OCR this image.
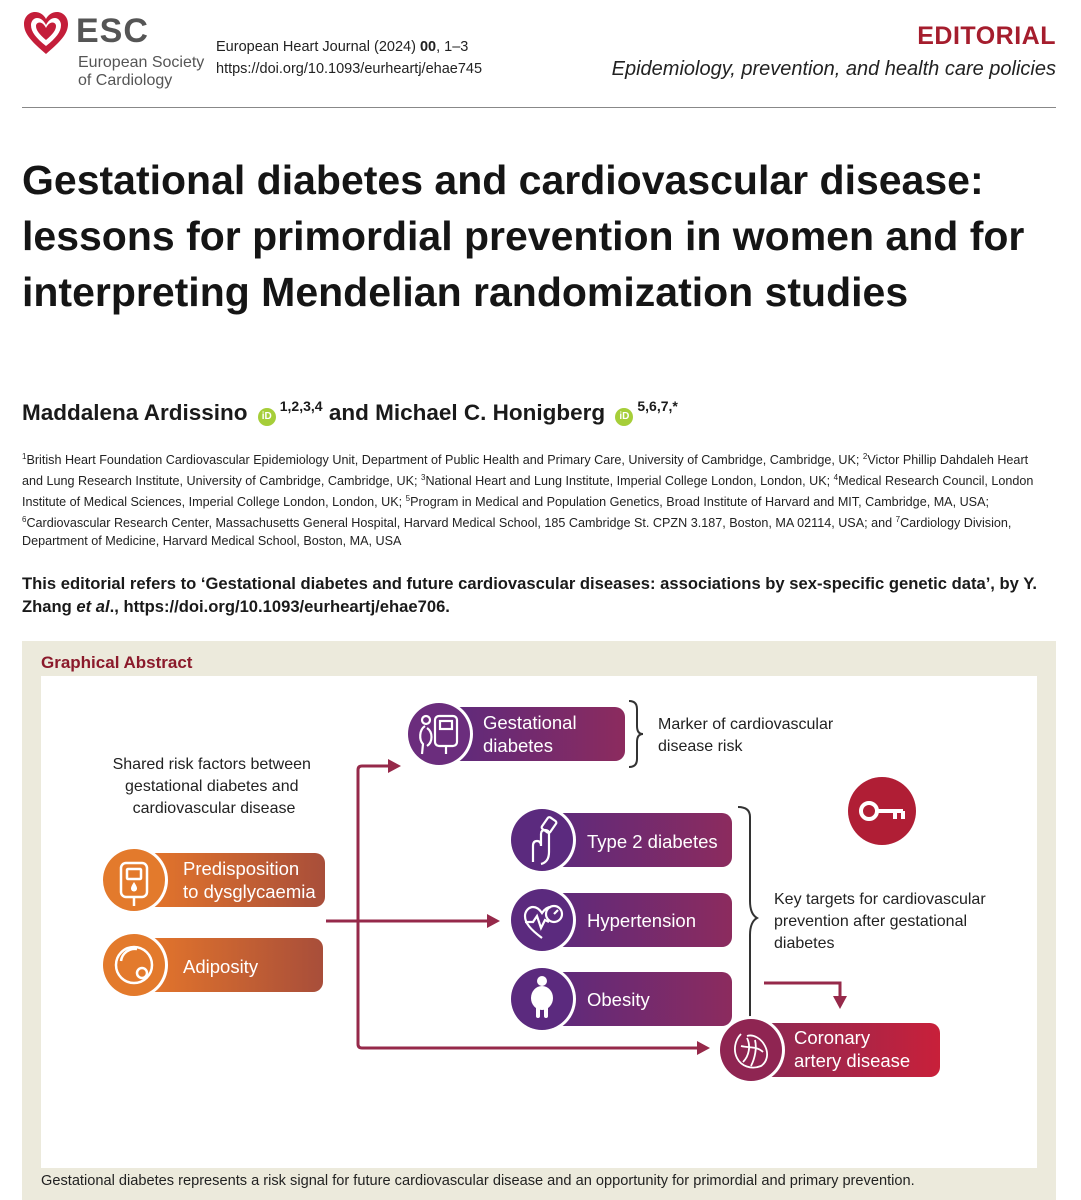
ESC
European Society
of Cardiology
European Heart Journal (2024) 00, 1–3
https://doi.org/10.1093/eurheartj/ehae745
EDITORIAL
Epidemiology, prevention, and health care policies
Gestational diabetes and cardiovascular disease: lessons for primordial prevention in women and for interpreting Mendelian randomization studies
Maddalena Ardissino iD$^{1,2,3,4}$ and Michael C. Honigberg $iD^{5,6,7,*}$
$^1$British Heart Foundation Cardiovascular Epidemiology Unit, Department of Public Health and Primary Care, University of Cambridge, Cambridge, UK; $^2$Victor Phillip Dahdaleh Heart and Lung Research Institute, University of Cambridge, Cambridge, UK; $^3$National Heart and Lung Institute, Imperial College London, London, UK; $^4$Medical Research Council, London Institute of Medical Sciences, Imperial College London, London, UK; $^5$Program in Medical and Population Genetics, Broad Institute of Harvard and MIT, Cambridge, MA, USA; $^6$Cardiovascular Research Center, Massachusetts General Hospital, Harvard Medical School, 185 Cambridge St. CPZN 3.187, Boston, MA 02114, USA; and $^7$Cardiology Division, Department of Medicine, Harvard Medical School, Boston, MA, USA
This editorial refers to ‘Gestational diabetes and future cardiovascular diseases: associations by sex-specific genetic data’, by Y. Zhang et al., https://doi.org/10.1093/eurheartj/ehae706.
Graphical Abstract
Shared risk factors between gestational diabetes and cardiovascular disease
Predisposition to dysglycaemia
Adiposity
Gestational diabetes
Marker of cardiovascular disease risk
Type 2 diabetes
Hypertension
Obesity
Key targets for cardiovascular prevention after gestational diabetes
Coronary artery disease
Gestational diabetes represents a risk signal for future cardiovascular disease and an opportunity for primordial and primary prevention.
